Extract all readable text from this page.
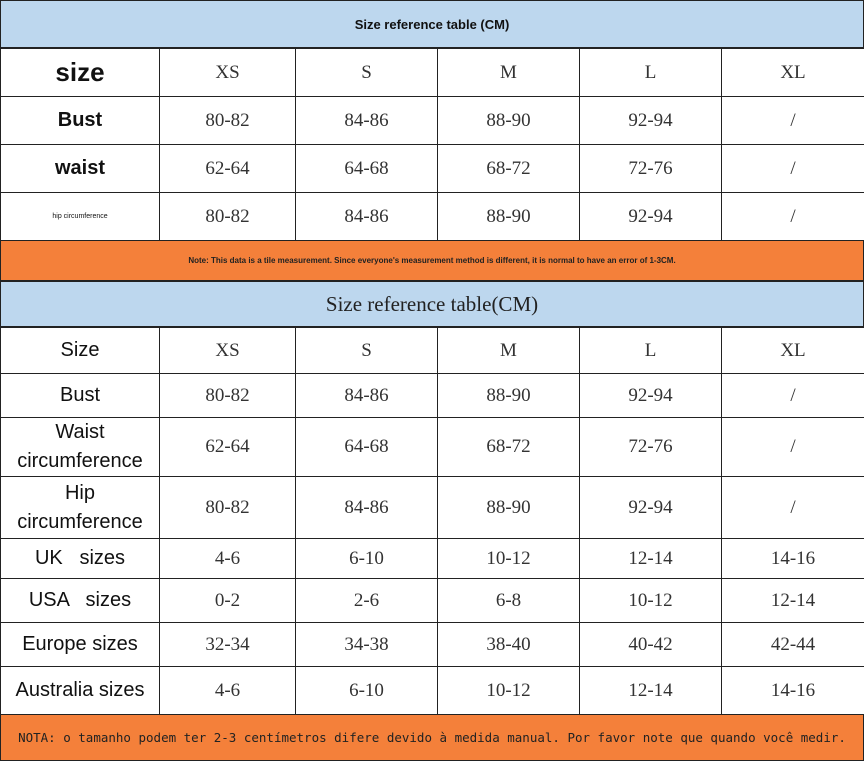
Size reference table (CM)
size	XS	S	M	L	XL
Bust	80-82	84-86	88-90	92-94	/
waist	62-64	64-68	68-72	72-76	/
hip circumference	80-82	84-86	88-90	92-94	/
Note: This data is a tile measurement. Since everyone's measurement method is different, it is normal to have an error of 1-3CM.
Size reference table(CM)
Size	XS	S	M	L	XL
Bust	80-82	84-86	88-90	92-94	/
Waist circumference	62-64	64-68	68-72	72-76	/
Hip circumference	80-82	84-86	88-90	92-94	/
UK   sizes	4-6	6-10	10-12	12-14	14-16
USA   sizes	0-2	2-6	6-8	10-12	12-14
Europe sizes	32-34	34-38	38-40	40-42	42-44
Australia sizes	4-6	6-10	10-12	12-14	14-16
NOTA: o tamanho podem ter 2-3 centímetros difere devido à medida manual. Por favor note que quando você medir.
